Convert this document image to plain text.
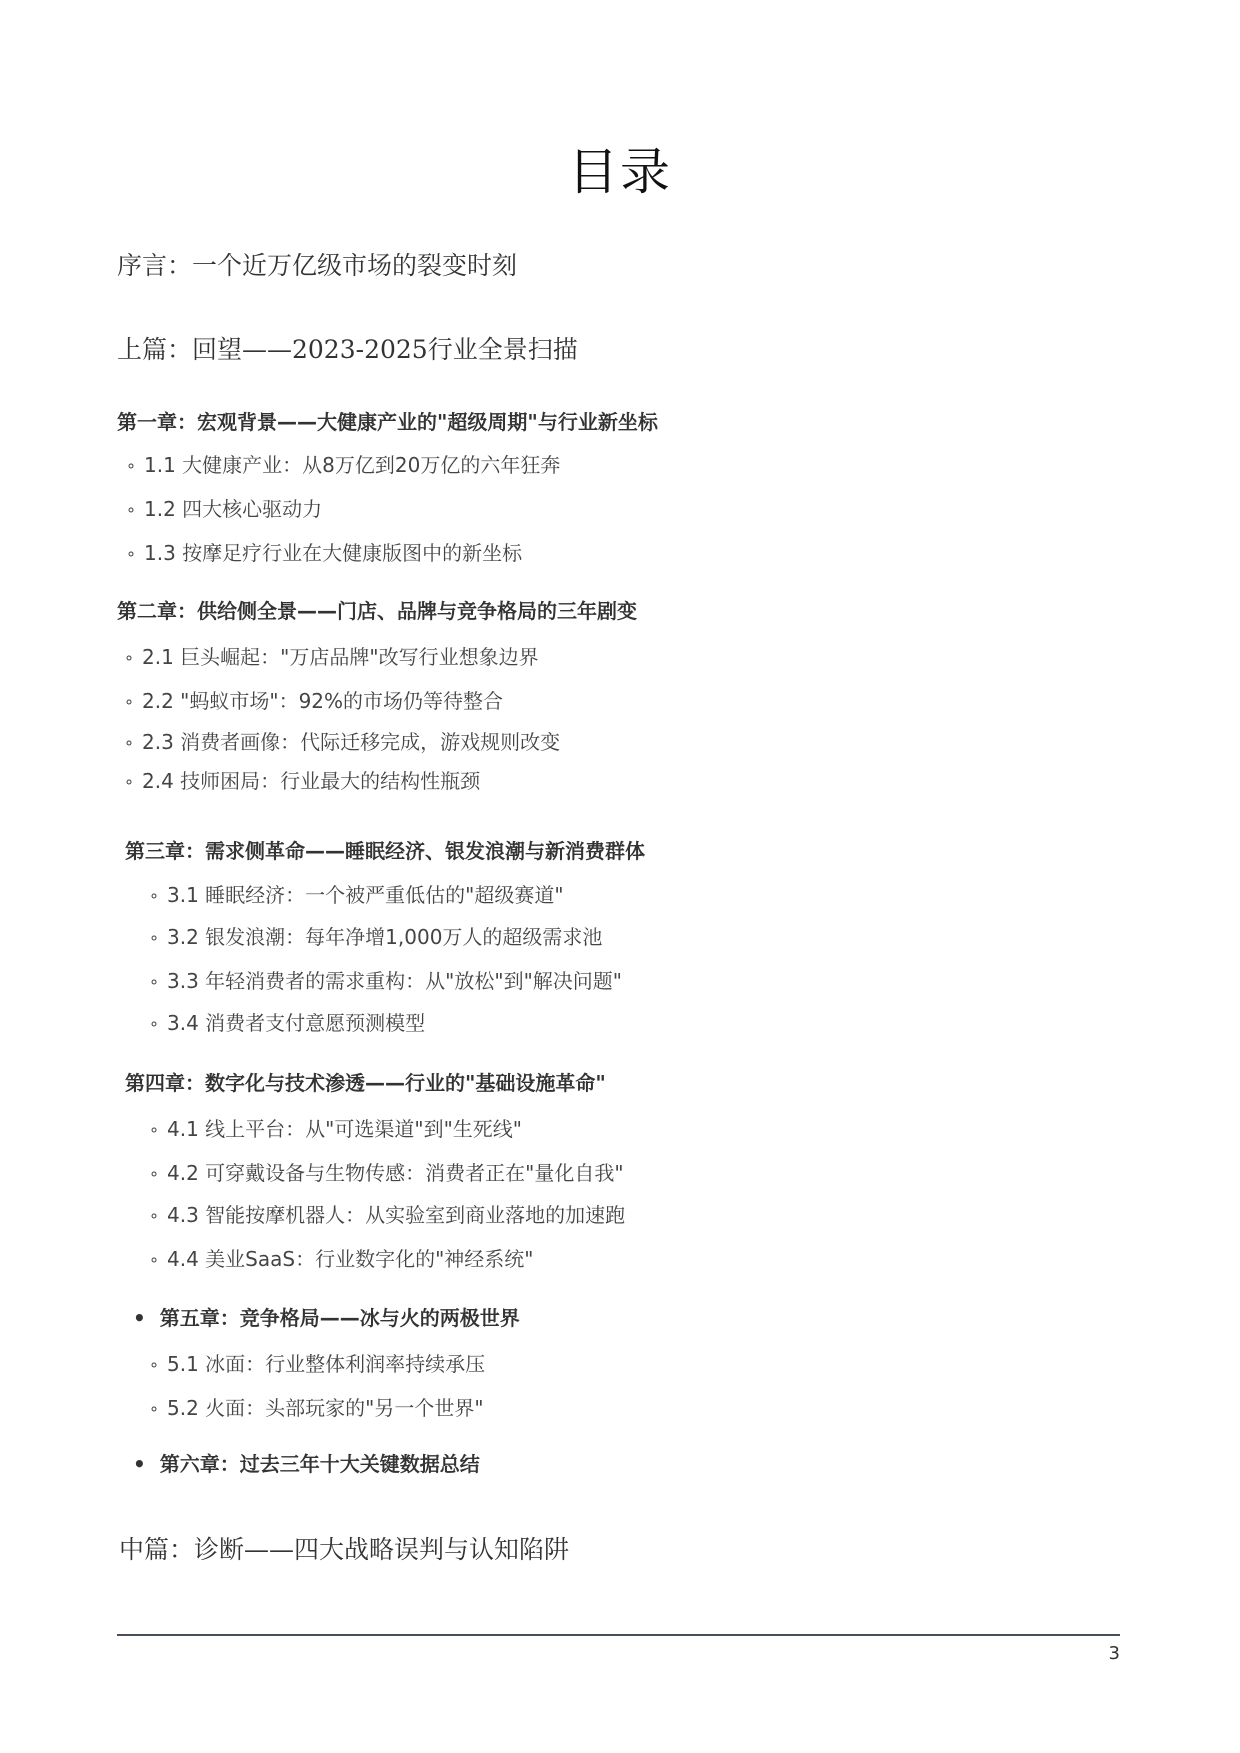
目录
序言：一个近万亿级市场的裂变时刻
上篇：回望——2023-2025行业全景扫描
第一章：宏观背景——大健康产业的"超级周期"与行业新坐标
∘ 1.1 大健康产业：从8万亿到20万亿的六年狂奔
∘ 1.2 四大核心驱动力
∘ 1.3 按摩足疗行业在大健康版图中的新坐标
第二章：供给侧全景——门店、品牌与竞争格局的三年剧变
∘ 2.1 巨头崛起："万店品牌"改写行业想象边界
∘ 2.2 "蚂蚁市场"：92%的市场仍等待整合
∘ 2.3 消费者画像：代际迁移完成，游戏规则改变
∘ 2.4 技师困局：行业最大的结构性瓶颈
第三章：需求侧革命——睡眠经济、银发浪潮与新消费群体
∘ 3.1 睡眠经济：一个被严重低估的"超级赛道"
∘ 3.2 银发浪潮：每年净增1,000万人的超级需求池
∘ 3.3 年轻消费者的需求重构：从"放松"到"解决问题"
∘ 3.4 消费者支付意愿预测模型
第四章：数字化与技术渗透——行业的"基础设施革命"
∘ 4.1 线上平台：从"可选渠道"到"生死线"
∘ 4.2 可穿戴设备与生物传感：消费者正在"量化自我"
∘ 4.3 智能按摩机器人：从实验室到商业落地的加速跑
∘ 4.4 美业SaaS：行业数字化的"神经系统"
• 第五章：竞争格局——冰与火的两极世界
∘ 5.1 冰面：行业整体利润率持续承压
∘ 5.2 火面：头部玩家的"另一个世界"
• 第六章：过去三年十大关键数据总结
中篇：诊断——四大战略误判与认知陷阱
3
